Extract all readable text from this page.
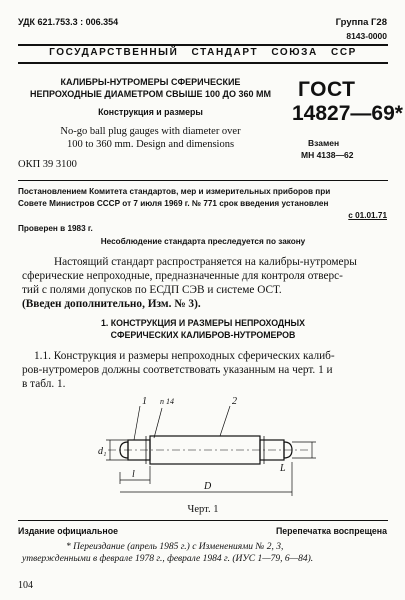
УДК 621.753.3 : 006.354	Группа Г28
8143-0000
ГОСУДАРСТВЕННЫЙ   СТАНДАРТ   СОЮЗА   ССР
КАЛИБРЫ-НУТРОМЕРЫ СФЕРИЧЕСКИЕ
НЕПРОХОДНЫЕ ДИАМЕТРОМ СВЫШЕ 100 ДО 360 ММ
Конструкция и размеры
No-go ball plug gauges with diameter over
100 to 360 mm. Design and dimensions
ОКП 39 3100
ГОСТ
14827—69*
Взамен
МН 4138—62
Постановлением Комитета стандартов, мер и измерительных приборов при
Совете Министров СССР от 7 июля 1969 г. № 771 срок введения установлен
с 01.01.71
Проверен в 1983 г.
Несоблюдение стандарта преследуется по закону
Настоящий стандарт распространяется на калибры-нутромеры
сферические непроходные, предназначенные для контроля отверс-
тий с полями допусков по ЕСДП СЭВ и системе ОСТ.
(Введен дополнительно, Изм. № 3).
1. КОНСТРУКЦИЯ И РАЗМЕРЫ НЕПРОХОДНЫХ
СФЕРИЧЕСКИХ КАЛИБРОВ-НУТРОМЕРОВ
1.1. Конструкция и размеры непроходных сферических калиб-
ров-нутромеров должны соответствовать указанным на черт. 1 и
в табл. 1.
1	2
n 14
d₁
l
L
D
Черт. 1
Издание официальное	Перепечатка воспрещена
* Переиздание (апрель 1985 г.) с Изменениями № 2, 3,
утвержденными в феврале 1978 г., феврале 1984 г. (ИУС 1—79, 6—84).
104
